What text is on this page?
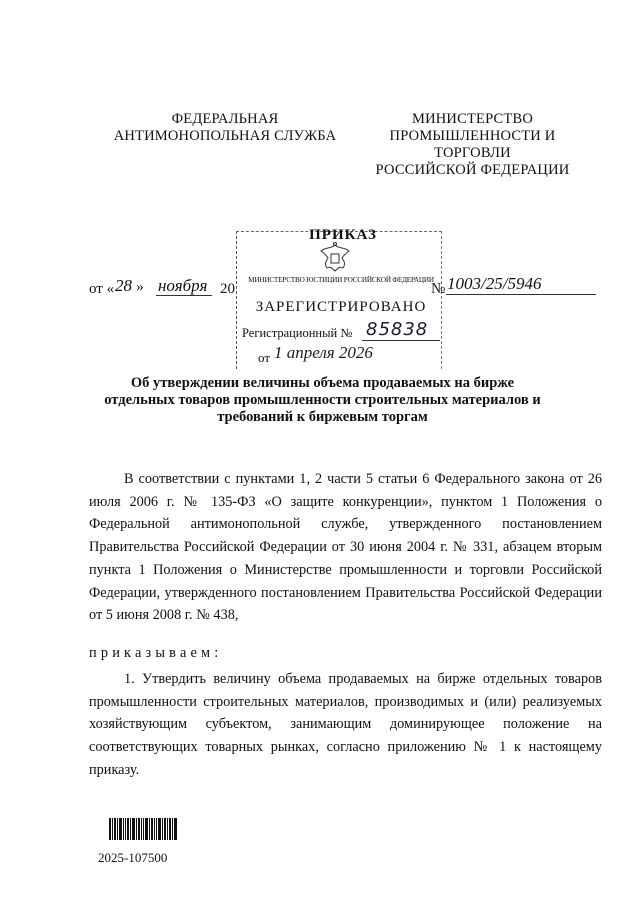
ФЕДЕРАЛЬНАЯ
АНТИМОНОПОЛЬНАЯ СЛУЖБА
МИНИСТЕРСТВО
ПРОМЫШЛЕННОСТИ И ТОРГОВЛИ
РОССИЙСКОЙ ФЕДЕРАЦИИ
ПРИКАЗ
МИНИСТЕРСТВО ЮСТИЦИИ РОССИЙСКОЙ ФЕДЕРАЦИИ
ЗАРЕГИСТРИРОВАНО
Регистрационный № 85838
от 1 апреля 2026
от « 28 » ноября 20	№ 1003/25/5946
Об утверждении величины объема продаваемых на бирже отдельных товаров промышленности строительных материалов и требований к биржевым торгам
В соответствии с пунктами 1, 2 части 5 статьи 6 Федерального закона от 26 июля 2006 г. № 135-ФЗ «О защите конкуренции», пунктом 1 Положения о Федеральной антимонопольной службе, утвержденного постановлением Правительства Российской Федерации от 30 июня 2004 г. № 331, абзацем вторым пункта 1 Положения о Министерстве промышленности и торговли Российской Федерации, утвержденного постановлением Правительства Российской Федерации от 5 июня 2008 г. № 438,
приказываем:
1. Утвердить величину объема продаваемых на бирже отдельных товаров промышленности строительных материалов, производимых и (или) реализуемых хозяйствующим субъектом, занимающим доминирующее положение на соответствующих товарных рынках, согласно приложению № 1 к настоящему приказу.
2025-107500
